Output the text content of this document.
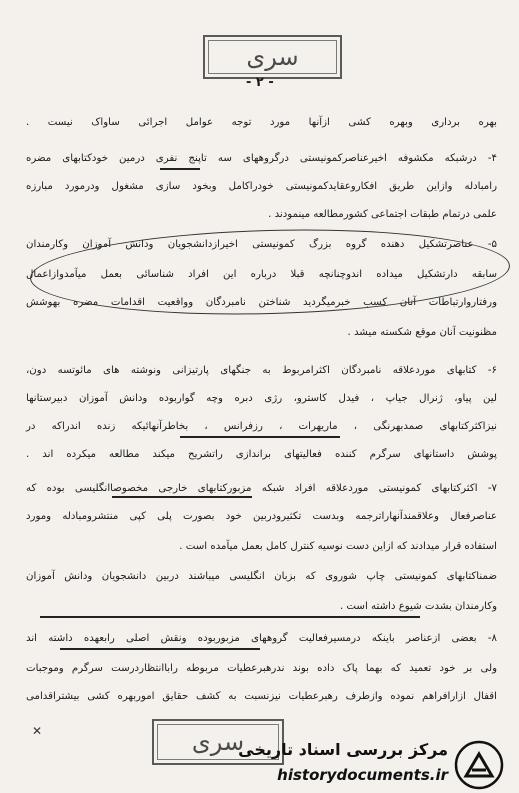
سری
- ۲ -
بهره برداری وبهره کشی ازآنها مورد توجه عوامل اجرائی ساواک نیست .
۴- درشبکه مکشوفه اخیرعناصرکمونیستی درگروههای سه تاپنج نفری درمین خودکتابهای مضره
رامبادله وازاین طریق افکاروعقایدکمونیستی خودراکامل وبخود سازی مشغول ودرمورد مبارزه
علمی درتمام طبقات اجتماعی کشورمطالعه مینمودند .
۵- عناصرتشکیل دهنده گروه بزرگ کمونیستی اخیرازدانشجویان ودانش آموزان وکارمندان
سابقه دارتشکیل میداده اندوچنانچه قبلا درباره این افراد شناسائی بعمل میآمدوازاعمال
ورفتاروارتباطات آنان کسب خبرمیگردید شناختن نامبردگان وواقعیت اقدامات مضره بهوشش
مظنونیت آنان موقع شکسته میشد .
۶- کتابهای موردعلاقه نامبردگان اکثرامربوط به جنگهای پارتیزانی ونوشته های مائوتسه دون،
لین پیاو، ژنرال جیاپ ، فیدل کاسترو، رژی دبره وچه گواربوده ودانش آموزان دبیرستانها
نیزاکثرکتابهای صمدبهرنگی ، ماریهرات ، رزفرانس ، بخاطرآنهائیکه زنده اندراکه در
پوشش داستانهای سرگرم کننده فعالیتهای براندازی راتشریح میکند مطالعه میکرده اند .
۷- اکثرکتابهای کمونیستی موردعلاقه افراد شبکه مزبورکتابهای خارجی مخصوصاانگلیسی بوده که
عناصرفعال وعلاقمندآنهاراترجمه وبدست تکثیرودربین خود بصورت پلی کپی منتشرومبادله ومورد
استفاده قرار میدادند که ازاین دست نوسیه کنترل کامل بعمل میآمده است .
ضمناکتابهای کمونیستی چاپ شوروی که بزبان انگلیسی میباشند دربین دانشجویان ودانش آموزان
وکارمندان بشدت شیوع داشته است .
۸- بعضی ازعناصر باینکه درمسیرفعالیت گروههای مزبوربوده ونقش اصلی رابعهده داشته اند
ولی بر خود تعمید که بهما پاک داده بوند ندرهبرعطیات مربوطه راباانتظاردرست سرگرم وموجبات
اقفال ازارافراهم نموده وازطرف رهبرعطیات نیزنسبت به کشف حقایق اموربهره کشی بیشتراقدامی
✕	سری
مرکز بررسی اسناد تاریخی
historydocuments.ir
